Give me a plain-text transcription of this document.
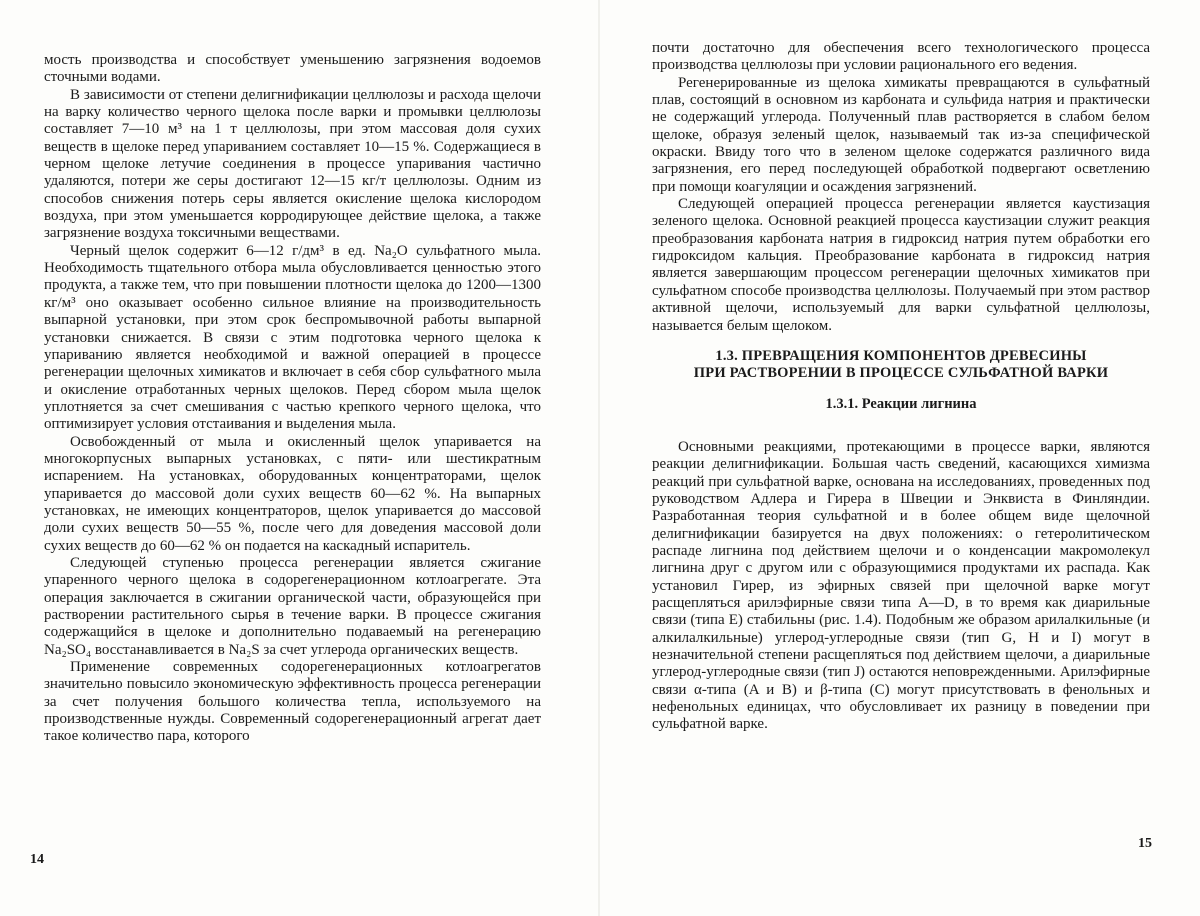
мость производства и способствует уменьшению загрязнения водоемов сточными водами.

В зависимости от степени делигнификации целлюлозы и расхода щелочи на варку количество черного щелока после варки и промывки целлюлозы составляет 7—10 м³ на 1 т целлюлозы, при этом массовая доля сухих веществ в щелоке перед упариванием составляет 10—15 %. Содержащиеся в черном щелоке летучие соединения в процессе упаривания частично удаляются, потери же серы достигают 12—15 кг/т целлюлозы. Одним из способов снижения потерь серы является окисление щелока кислородом воздуха, при этом уменьшается корродирующее действие щелока, а также загрязнение воздуха токсичными веществами.

Черный щелок содержит 6—12 г/дм³ в ед. Na₂O сульфатного мыла. Необходимость тщательного отбора мыла обусловливается ценностью этого продукта, а также тем, что при повышении плотности щелока до 1200—1300 кг/м³ оно оказывает особенно сильное влияние на производительность выпарной установки, при этом срок беспромывочной работы выпарной установки снижается. В связи с этим подготовка черного щелока к упариванию является необходимой и важной операцией в процессе регенерации щелочных химикатов и включает в себя сбор сульфатного мыла и окисление отработанных черных щелоков. Перед сбором мыла щелок уплотняется за счет смешивания с частью крепкого черного щелока, что оптимизирует условия отстаивания и выделения мыла.

Освобожденный от мыла и окисленный щелок упаривается на многокорпусных выпарных установках, с пяти- или шестикратным испарением. На установках, оборудованных концентраторами, щелок упаривается до массовой доли сухих веществ 60—62 %. На выпарных установках, не имеющих концентраторов, щелок упаривается до массовой доли сухих веществ 50—55 %, после чего для доведения массовой доли сухих веществ до 60—62 % он подается на каскадный испаритель.

Следующей ступенью процесса регенерации является сжигание упаренного черного щелока в содорегенерационном котлоагрегате. Эта операция заключается в сжигании органической части, образующейся при растворении растительного сырья в течение варки. В процессе сжигания содержащийся в щелоке и дополнительно подаваемый на регенерацию Na₂SO₄ восстанавливается в Na₂S за счет углерода органических веществ.

Применение современных содорегенерационных котлоагрегатов значительно повысило экономическую эффективность процесса регенерации за счет получения большого количества тепла, используемого на производственные нужды. Современный содорегенерационный агрегат дает такое количество пара, которого

14

почти достаточно для обеспечения всего технологического процесса производства целлюлозы при условии рационального его ведения.

Регенерированные из щелока химикаты превращаются в сульфатный плав, состоящий в основном из карбоната и сульфида натрия и практически не содержащий углерода. Полученный плав растворяется в слабом белом щелоке, образуя зеленый щелок, называемый так из-за специфической окраски. Ввиду того что в зеленом щелоке содержатся различного вида загрязнения, его перед последующей обработкой подвергают осветлению при помощи коагуляции и осаждения загрязнений.

Следующей операцией процесса регенерации является каустизация зеленого щелока. Основной реакцией процесса каустизации служит реакция преобразования карбоната натрия в гидроксид натрия путем обработки его гидроксидом кальция. Преобразование карбоната в гидроксид натрия является завершающим процессом регенерации щелочных химикатов при сульфатном способе производства целлюлозы. Получаемый при этом раствор активной щелочи, используемый для варки сульфатной целлюлозы, называется белым щелоком.

1.3. ПРЕВРАЩЕНИЯ КОМПОНЕНТОВ ДРЕВЕСИНЫ
ПРИ РАСТВОРЕНИИ В ПРОЦЕССЕ СУЛЬФАТНОЙ ВАРКИ
1.3.1. Реакции лигнина

Основными реакциями, протекающими в процессе варки, являются реакции делигнификации. Большая часть сведений, касающихся химизма реакций при сульфатной варке, основана на исследованиях, проведенных под руководством Адлера и Гирера в Швеции и Энквиста в Финляндии. Разработанная теория сульфатной и в более общем виде щелочной делигнификации базируется на двух положениях: о гетеролитическом распаде лигнина под действием щелочи и о конденсации макромолекул лигнина друг с другом или с образующимися продуктами их распада. Как установил Гирер, из эфирных связей при щелочной варке могут расщепляться арилэфирные связи типа A—D, в то время как диарильные связи (типа E) стабильны (рис. 1.4). Подобным же образом арилалкильные (и алкилалкильные) углерод-углеродные связи (тип G, H и I) могут в незначительной степени расщепляться под действием щелочи, а диарильные углерод-углеродные связи (тип J) остаются неповрежденными. Арилэфирные связи α-типа (A и B) и β-типа (C) могут присутствовать в фенольных и нефенольных единицах, что обусловливает их разницу в поведении при сульфатной варке.

15
